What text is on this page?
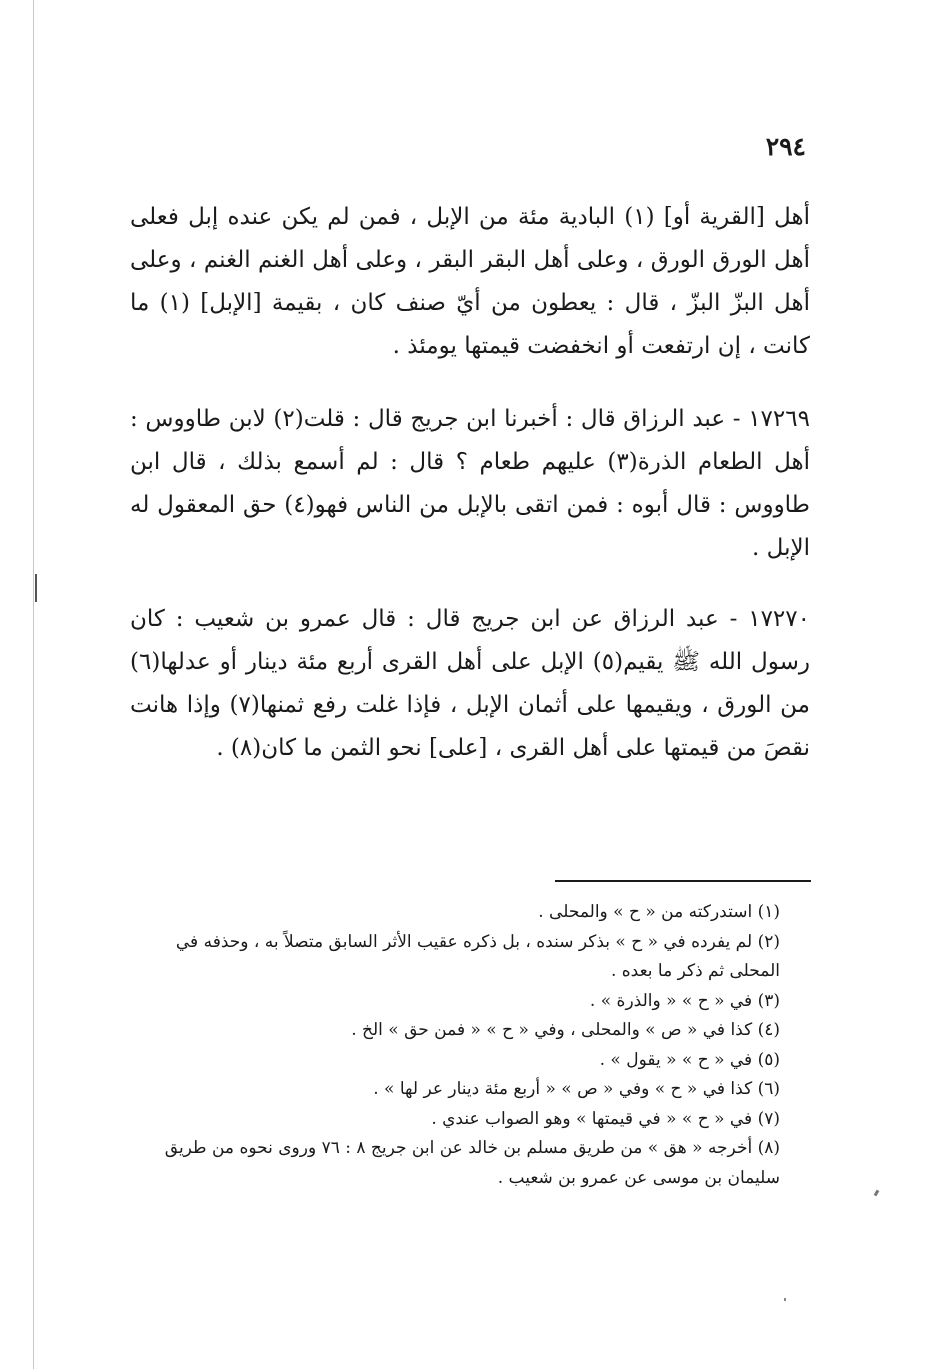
٢٩٤

أهل [القرية أو] (١) البادية مئة من الإبل ، فمن لم يكن عنده إبل فعلى أهل الورق الورق ، وعلى أهل البقر البقر ، وعلى أهل الغنم الغنم ، وعلى أهل البزّ البزّ ، قال : يعطون من أيّ صنف كان ، بقيمة [الإبل] (١) ما كانت ، إن ارتفعت أو انخفضت قيمتها يومئذ .

١٧٢٦٩ - عبد الرزاق قال : أخبرنا ابن جريج قال : قلت(٢) لابن طاووس : أهل الطعام الذرة(٣) عليهم طعام ؟ قال : لم أسمع بذلك ، قال ابن طاووس : قال أبوه : فمن اتقى بالإبل من الناس فهو(٤) حق المعقول له الإبل .

١٧٢٧٠ - عبد الرزاق عن ابن جريج قال : قال عمرو بن شعيب : كان رسول الله ﷺ يقيم(٥) الإبل على أهل القرى أربع مئة دينار أو عدلها(٦) من الورق ، ويقيمها على أثمان الإبل ، فإذا غلت رفع ثمنها(٧) وإذا هانت نقصَ من قيمتها على أهل القرى ، [على] نحو الثمن ما كان(٨) .

(١) استدركته من « ح » والمحلى .

(٢) لم يفرده في « ح » بذكر سنده ، بل ذكره عقيب الأثر السابق متصلاً به ، وحذفه في المحلى ثم ذكر ما بعده .

(٣) في « ح » « والذرة » .

(٤) كذا في « ص » والمحلى ، وفي « ح » « فمن حق » الخ .

(٥) في « ح » « يقول » .

(٦) كذا في « ح » وفي « ص » « أربع مئة دينار عر لها » .

(٧) في « ح » « في قيمتها » وهو الصواب عندي .

(٨) أخرجه « هق » من طريق مسلم بن خالد عن ابن جريج ٨ : ٧٦ وروى نحوه من طريق سليمان بن موسى عن عمرو بن شعيب .
